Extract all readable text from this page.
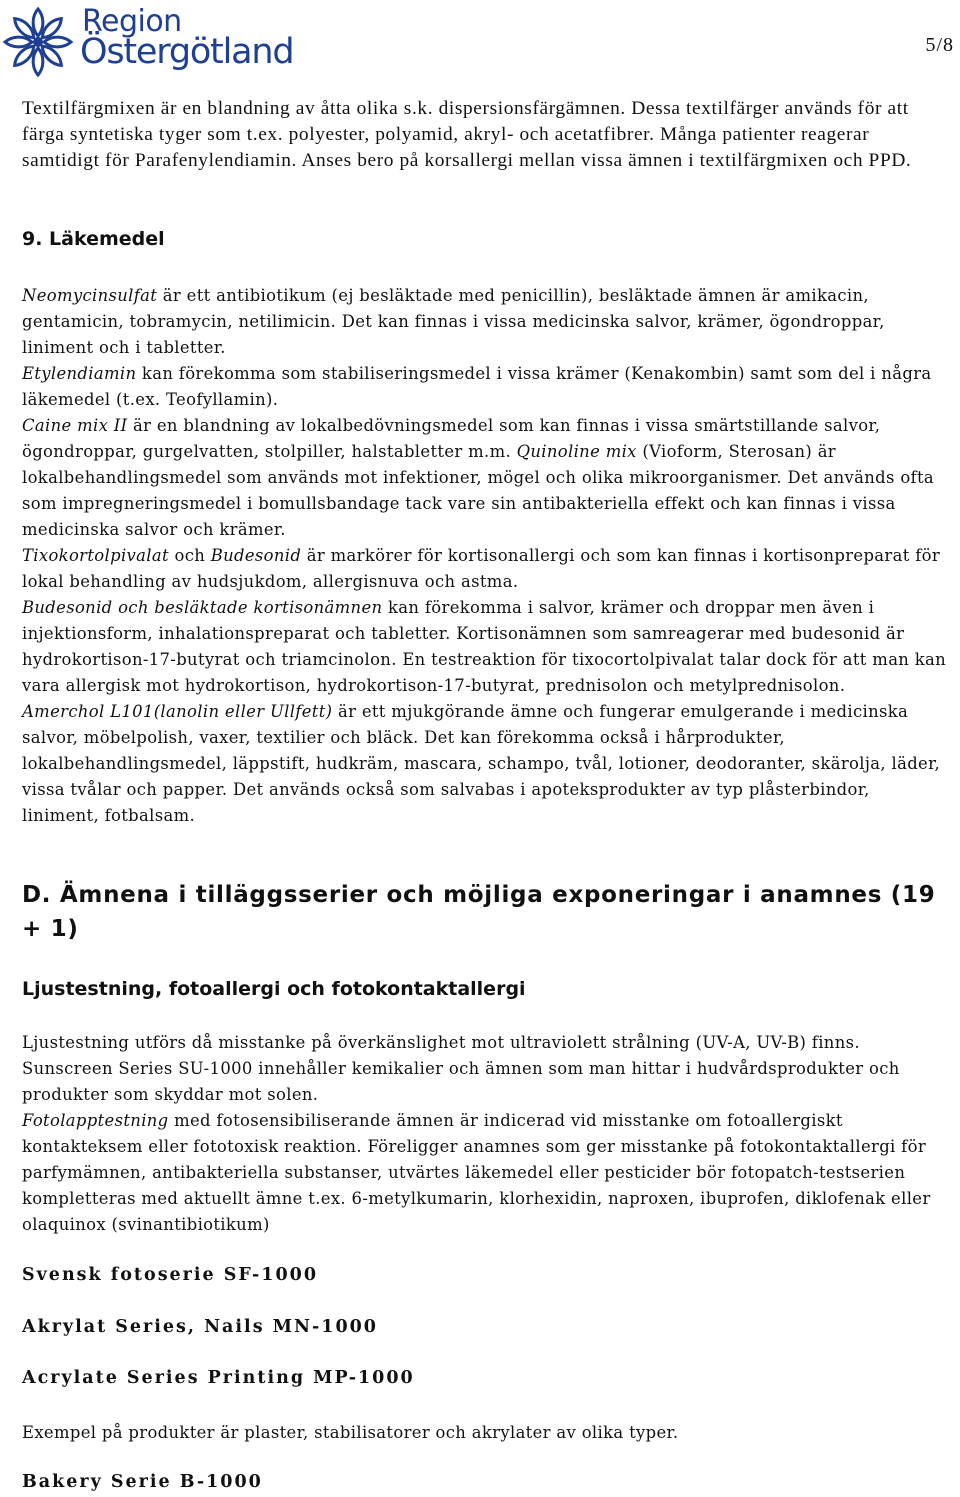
Region
Östergötland	5/8

Textilfärgmixen är en blandning av åtta olika s.k. dispersionsfärgämnen. Dessa textilfärger används för att färga syntetiska tyger som t.ex. polyester, polyamid, akryl- och acetatfibrer. Många patienter reagerar samtidigt för Parafenylendiamin. Anses bero på korsallergi mellan vissa ämnen i textilfärgmixen och PPD.

9. Läkemedel

Neomycinsulfat är ett antibiotikum (ej besläktade med penicillin), besläktade ämnen är amikacin, gentamicin, tobramycin, netilimicin. Det kan finnas i vissa medicinska salvor, krämer, ögondroppar, liniment och i tabletter.

Etylendiamin kan förekomma som stabiliseringsmedel i vissa krämer (Kenakombin) samt som del i några läkemedel (t.ex. Teofyllamin).

Caine mix II är en blandning av lokalbedövningsmedel som kan finnas i vissa smärtstillande salvor, ögondroppar, gurgelvatten, stolpiller, halstabletter m.m. Quinoline mix (Vioform, Sterosan) är lokalbehandlingsmedel som används mot infektioner, mögel och olika mikroorganismer. Det används ofta som impregneringsmedel i bomullsbandage tack vare sin antibakteriella effekt och kan finnas i vissa medicinska salvor och krämer.

Tixokortolpivalat och Budesonid är markörer för kortisonallergi och som kan finnas i kortisonpreparat för lokal behandling av hudsjukdom, allergisnuva och astma.

Budesonid och besläktade kortisonämnen kan förekomma i salvor, krämer och droppar men även i injektionsform, inhalationspreparat och tabletter. Kortisonämnen som samreagerar med budesonid är hydrokortison-17-butyrat och triamcinolon. En testreaktion för tixocortolpivalat talar dock för att man kan vara allergisk mot hydrokortison, hydrokortison-17-butyrat, prednisolon och metylprednisolon.

Amerchol L101(lanolin eller Ullfett) är ett mjukgörande ämne och fungerar emulgerande i medicinska salvor, möbelpolish, vaxer, textilier och bläck. Det kan förekomma också i hårprodukter, lokalbehandlingsmedel, läppstift, hudkräm, mascara, schampo, tvål, lotioner, deodoranter, skärolja, läder, vissa tvålar och papper. Det används också som salvabas i apoteksprodukter av typ plåsterbindor, liniment, fotbalsam.

D. Ämnena i tilläggsserier och möjliga exponeringar i anamnes (19 + 1)
Ljustestning, fotoallergi och fotokontaktallergi

Ljustestning utförs då misstanke på överkänslighet mot ultraviolett strålning (UV-A, UV-B) finns. Sunscreen Series SU-1000 innehåller kemikalier och ämnen som man hittar i hudvårdsprodukter och produkter som skyddar mot solen.

Fotolapptestning med fotosensibiliserande ämnen är indicerad vid misstanke om fotoallergiskt kontakteksem eller fototoxisk reaktion. Föreligger anamnes som ger misstanke på fotokontaktallergi för parfymämnen, antibakteriella substanser, utvärtes läkemedel eller pesticider bör fotopatch-testserien kompletteras med aktuellt ämne t.ex. 6-metylkumarin, klorhexidin, naproxen, ibuprofen, diklofenak eller olaquinox (svinantibiotikum)

Svensk fotoserie SF-1000
Akrylat Series, Nails MN-1000
Acrylate Series Printing MP-1000

Exempel på produkter är plaster, stabilisatorer och akrylater av olika typer.

Bakery Serie B-1000
